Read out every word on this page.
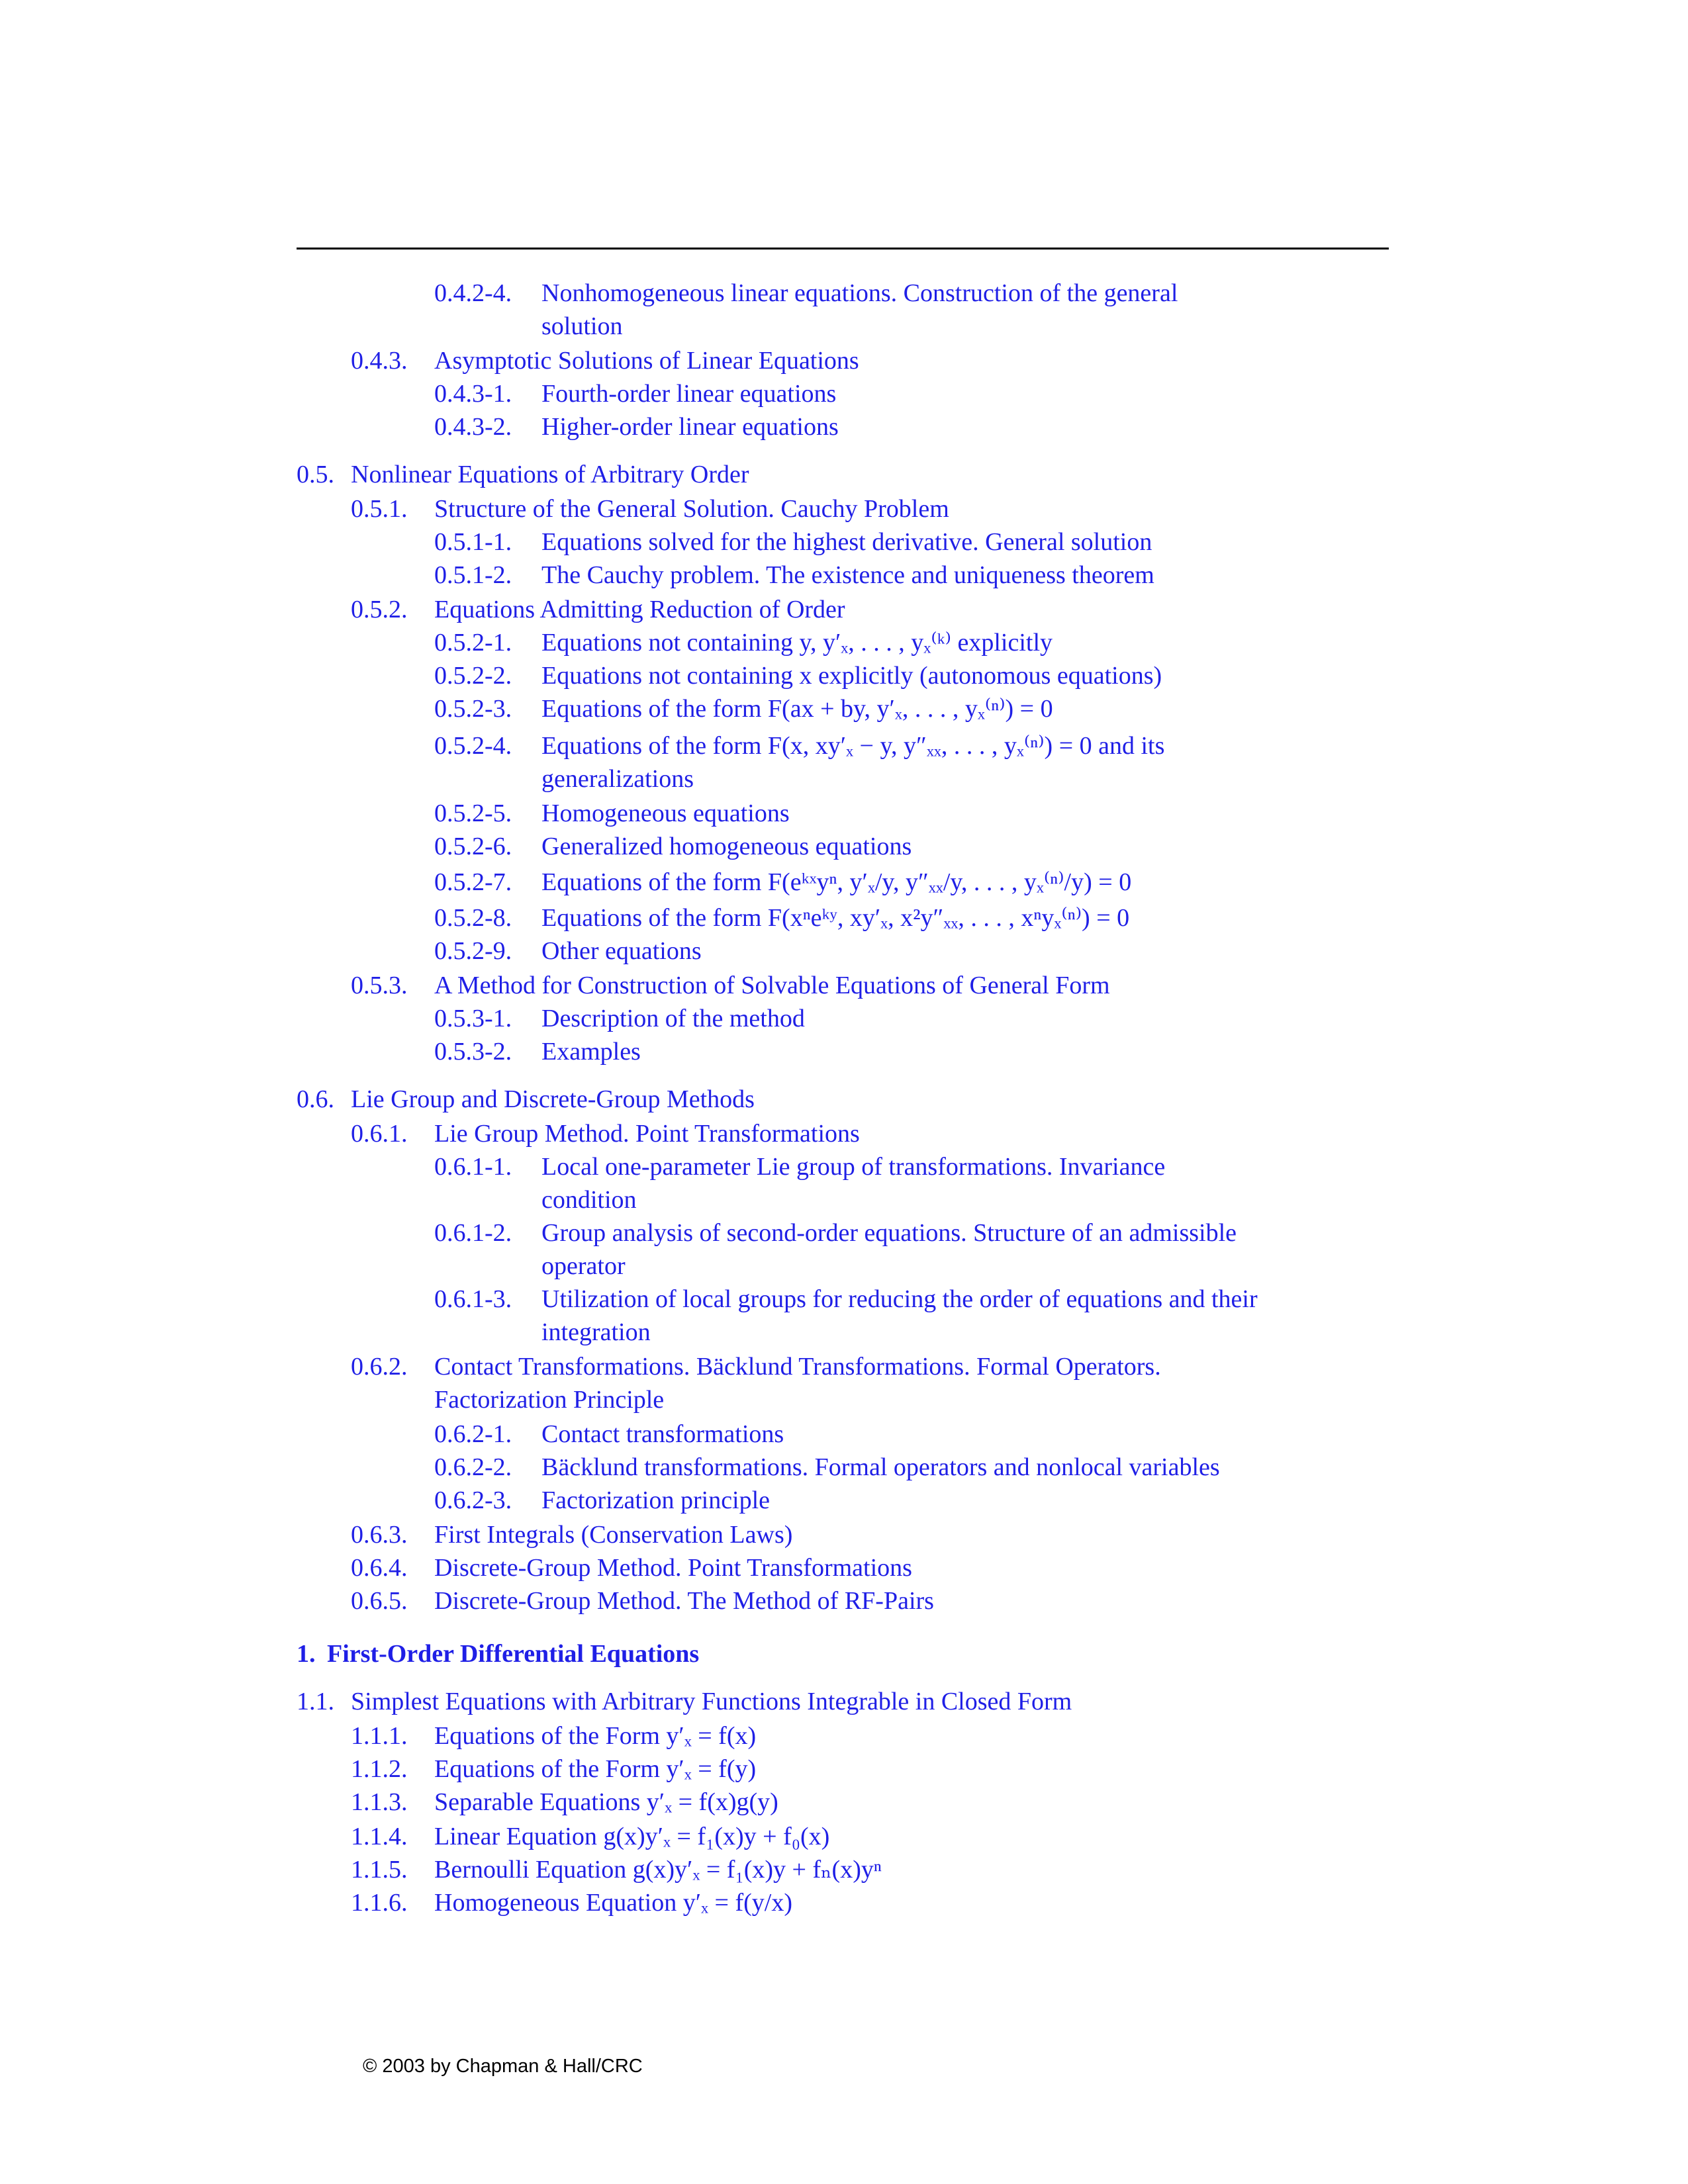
0.4.2-4. Nonhomogeneous linear equations. Construction of the general
solution
0.4.3. Asymptotic Solutions of Linear Equations
0.4.3-1. Fourth-order linear equations
0.4.3-2. Higher-order linear equations
0.5. Nonlinear Equations of Arbitrary Order
0.5.1. Structure of the General Solution. Cauchy Problem
0.5.1-1. Equations solved for the highest derivative. General solution
0.5.1-2. The Cauchy problem. The existence and uniqueness theorem
0.5.2. Equations Admitting Reduction of Order
0.5.2-1. Equations not containing y, y′ₓ, . . . , yₓ⁽ᵏ⁾ explicitly
0.5.2-2. Equations not containing x explicitly (autonomous equations)
0.5.2-3. Equations of the form F(ax + by, y′ₓ, . . . , yₓ⁽ⁿ⁾) = 0
0.5.2-4. Equations of the form F(x, xy′ₓ − y, y″ₓₓ, . . . , yₓ⁽ⁿ⁾) = 0 and its
generalizations
0.5.2-5. Homogeneous equations
0.5.2-6. Generalized homogeneous equations
0.5.2-7. Equations of the form F(eᵏˣyⁿ, y′ₓ/y, y″ₓₓ/y, . . . , yₓ⁽ⁿ⁾/y) = 0
0.5.2-8. Equations of the form F(xⁿeᵏʸ, xy′ₓ, x²y″ₓₓ, . . . , xⁿyₓ⁽ⁿ⁾) = 0
0.5.2-9. Other equations
0.5.3. A Method for Construction of Solvable Equations of General Form
0.5.3-1. Description of the method
0.5.3-2. Examples
0.6. Lie Group and Discrete-Group Methods
0.6.1. Lie Group Method. Point Transformations
0.6.1-1. Local one-parameter Lie group of transformations. Invariance
condition
0.6.1-2. Group analysis of second-order equations. Structure of an admissible
operator
0.6.1-3. Utilization of local groups for reducing the order of equations and their
integration
0.6.2. Contact Transformations. Bäcklund Transformations. Formal Operators.
Factorization Principle
0.6.2-1. Contact transformations
0.6.2-2. Bäcklund transformations. Formal operators and nonlocal variables
0.6.2-3. Factorization principle
0.6.3. First Integrals (Conservation Laws)
0.6.4. Discrete-Group Method. Point Transformations
0.6.5. Discrete-Group Method. The Method of RF-Pairs
1. First-Order Differential Equations
1.1. Simplest Equations with Arbitrary Functions Integrable in Closed Form
1.1.1. Equations of the Form y′ₓ = f(x)
1.1.2. Equations of the Form y′ₓ = f(y)
1.1.3. Separable Equations y′ₓ = f(x)g(y)
1.1.4. Linear Equation g(x)y′ₓ = f₁(x)y + f₀(x)
1.1.5. Bernoulli Equation g(x)y′ₓ = f₁(x)y + fₙ(x)yⁿ
1.1.6. Homogeneous Equation y′ₓ = f(y/x)
© 2003 by Chapman & Hall/CRC
